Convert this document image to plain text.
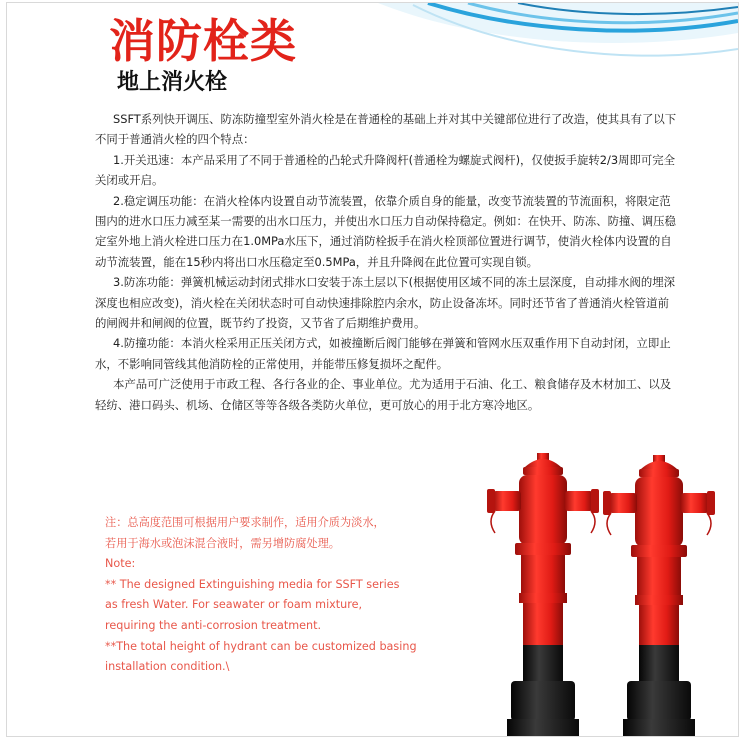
消防栓类
地上消火栓

SSFT系列快开调压、防冻防撞型室外消火栓是在普通栓的基础上并对其中关键部位进行了改造，使其具有了以下不同于普通消火栓的四个特点：

1.开关迅速：本产品采用了不同于普通栓的凸轮式升降阀杆(普通栓为螺旋式阀杆)，仅使扳手旋转2/3周即可完全关闭或开启。

2.稳定调压功能：在消火栓体内设置自动节流装置，依靠介质自身的能量，改变节流装置的节流面积，将限定范围内的进水口压力减至某一需要的出水口压力，并使出水口压力自动保持稳定。例如：在快开、防冻、防撞、调压稳定室外地上消火栓进口压力在1.0MPa水压下，通过消防栓扳手在消火栓顶部位置进行调节，使消火栓体内设置的自动节流装置，能在15秒内将出口水压稳定至0.5MPa，并且升降阀在此位置可实现自锁。

3.防冻功能：弹簧机械运动封闭式排水口安装于冻土层以下(根据使用区域不同的冻土层深度，自动排水阀的埋深深度也相应改变)，消火栓在关闭状态时可自动快速排除腔内余水，防止设备冻坏。同时还节省了普通消火栓管道前的闸阀井和闸阀的位置，既节约了投资，又节省了后期维护费用。

4.防撞功能：本消火栓采用正压关闭方式，如被撞断后阀门能够在弹簧和管网水压双重作用下自动封闭，立即止水，不影响同管线其他消防栓的正常使用，并能带压修复损坏之配件。

本产品可广泛使用于市政工程、各行各业的企、事业单位。尤为适用于石油、化工、粮食储存及木材加工、以及轻纺、港口码头、机场、仓储区等等各级各类防火单位，更可放心的用于北方寒冷地区。

注：总高度范围可根据用户要求制作，适用介质为淡水，

若用于海水或泡沫混合液时，需另增防腐处理。

Note:

** The designed Extinguishing media for SSFT series

as fresh Water. For seawater or foam mixture,

requiring the anti-corrosion treatment.

**The total height of hydrant can be customized basing

installation condition.\
